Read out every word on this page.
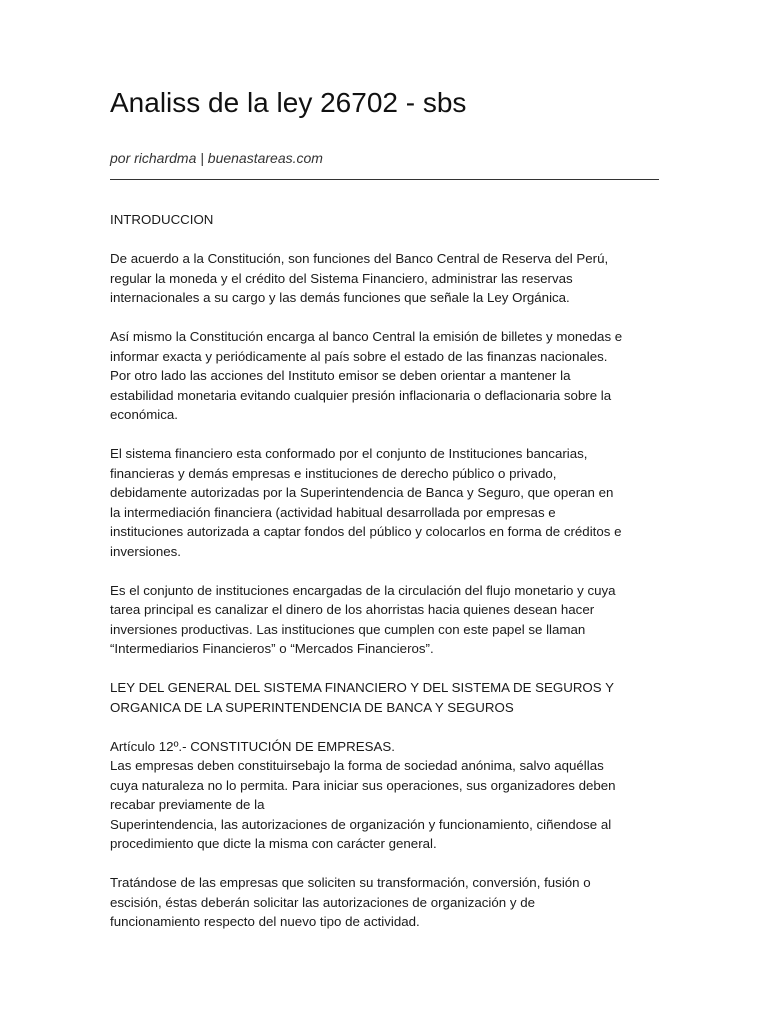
Analiss de la ley 26702 - sbs
por richardma | buenastareas.com

INTRODUCCION

De acuerdo a la Constitución, son funciones del Banco Central de Reserva del Perú,
regular la moneda y el crédito del Sistema Financiero, administrar las reservas
internacionales a su cargo y las demás funciones que señale la Ley Orgánica.

Así mismo la Constitución encarga al banco Central la emisión de billetes y monedas e
informar exacta y periódicamente al país sobre el estado de las finanzas nacionales.
Por otro lado las acciones del Instituto emisor se deben orientar a mantener la
estabilidad monetaria evitando cualquier presión inflacionaria o deflacionaria sobre la
económica.

El sistema financiero esta conformado por el conjunto de Instituciones bancarias,
financieras y demás empresas e instituciones de derecho público o privado,
debidamente autorizadas por la Superintendencia de Banca y Seguro, que operan en
la intermediación financiera (actividad habitual desarrollada por empresas e
instituciones autorizada a captar fondos del público y colocarlos en forma de créditos e
inversiones.

Es el conjunto de instituciones encargadas de la circulación del flujo monetario y cuya
tarea principal es canalizar el dinero de los ahorristas hacia quienes desean hacer
inversiones productivas. Las instituciones que cumplen con este papel se llaman
“Intermediarios Financieros” o “Mercados Financieros”.

LEY DEL GENERAL DEL SISTEMA FINANCIERO Y DEL SISTEMA DE SEGUROS Y
ORGANICA DE LA SUPERINTENDENCIA DE BANCA Y SEGUROS

Artículo 12º.- CONSTITUCIÓN DE EMPRESAS.
Las empresas deben constituirsebajo la forma de sociedad anónima, salvo aquéllas
cuya naturaleza no lo permita. Para iniciar sus operaciones, sus organizadores deben
recabar previamente de la
Superintendencia, las autorizaciones de organización y funcionamiento, ciñendose al
procedimiento que dicte la misma con carácter general.

Tratándose de las empresas que soliciten su transformación, conversión, fusión o
escisión, éstas deberán solicitar las autorizaciones de organización y de
funcionamiento respecto del nuevo tipo de actividad.
